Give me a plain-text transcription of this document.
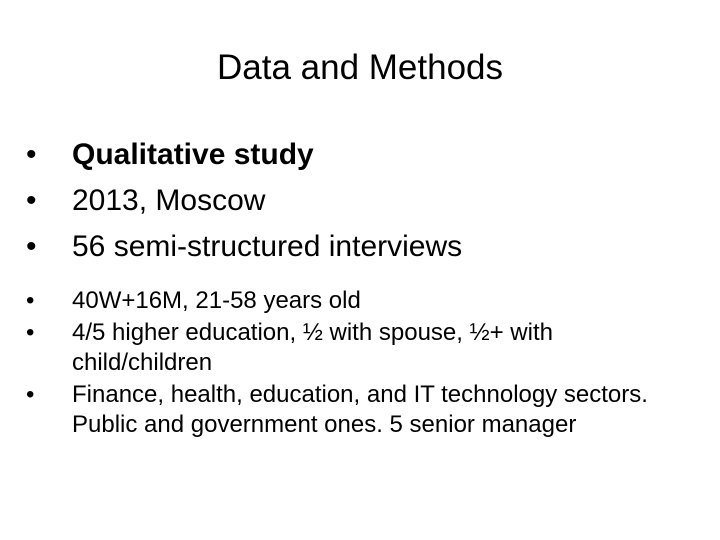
Data and Methods
• Qualitative study
• 2013, Moscow
• 56 semi-structured interviews
• 40W+16M, 21-58 years old
• 4/5 higher education, ½ with spouse, ½+ with child/children
• Finance, health, education, and IT technology sectors. Public and government ones. 5 senior manager
